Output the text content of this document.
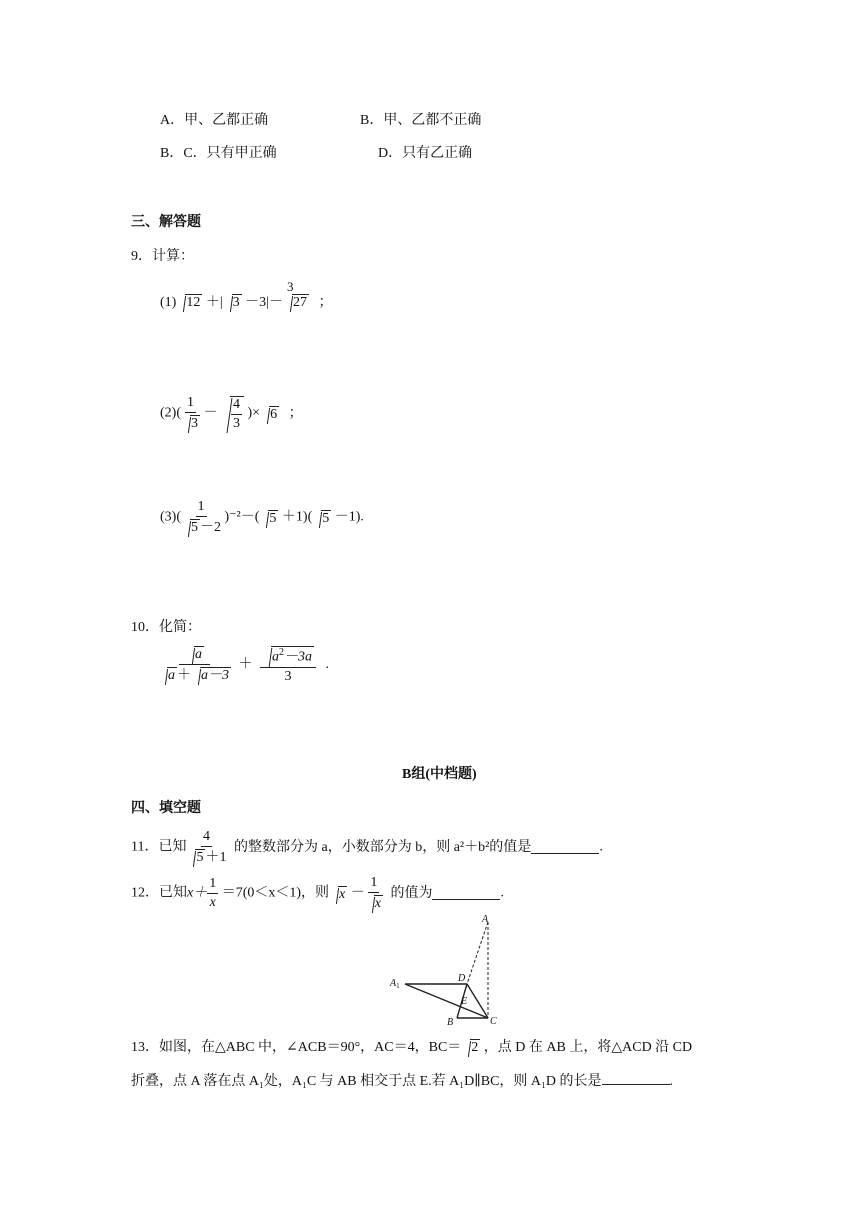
A．甲、乙都正确	B．甲、乙都不正确
B．C．只有甲正确	D．只有乙正确
三、解答题
9．计算：
(1) 12 ＋| 3 －3|－
3
27 ；
$(2)( \frac{1}{3} - \frac{4}{3}$ )× 6 ；
$(3)( \frac{1}{5 -2} )^{-2}-$( 5 ＋1)( 5 －1).
10．化简：
$\frac{a}{a + a-3} + \frac{a^2-3a}{3}$ .
B组(中档题)
四、填空题
11．已知 $\frac{4}{5 +1}$ 的整数部分为 a，小数部分为 b，则 a²＋b²的值是	.
12．已知$x+ \frac{1}{x} =7(0<x<1)$，则 $x - \frac{1}{x}$ 的值为	.
A
$A_1$
D
E
B	C
13．如图，在△ABC 中，∠ACB＝90°，AC＝4，BC＝ 2 ，点 D 在 AB 上，将△ACD 沿 CD
折叠，点 A 落在点 A₁处，A₁C 与 AB 相交于点 E.若 A₁D∥BC，则 A₁D 的长是	.
